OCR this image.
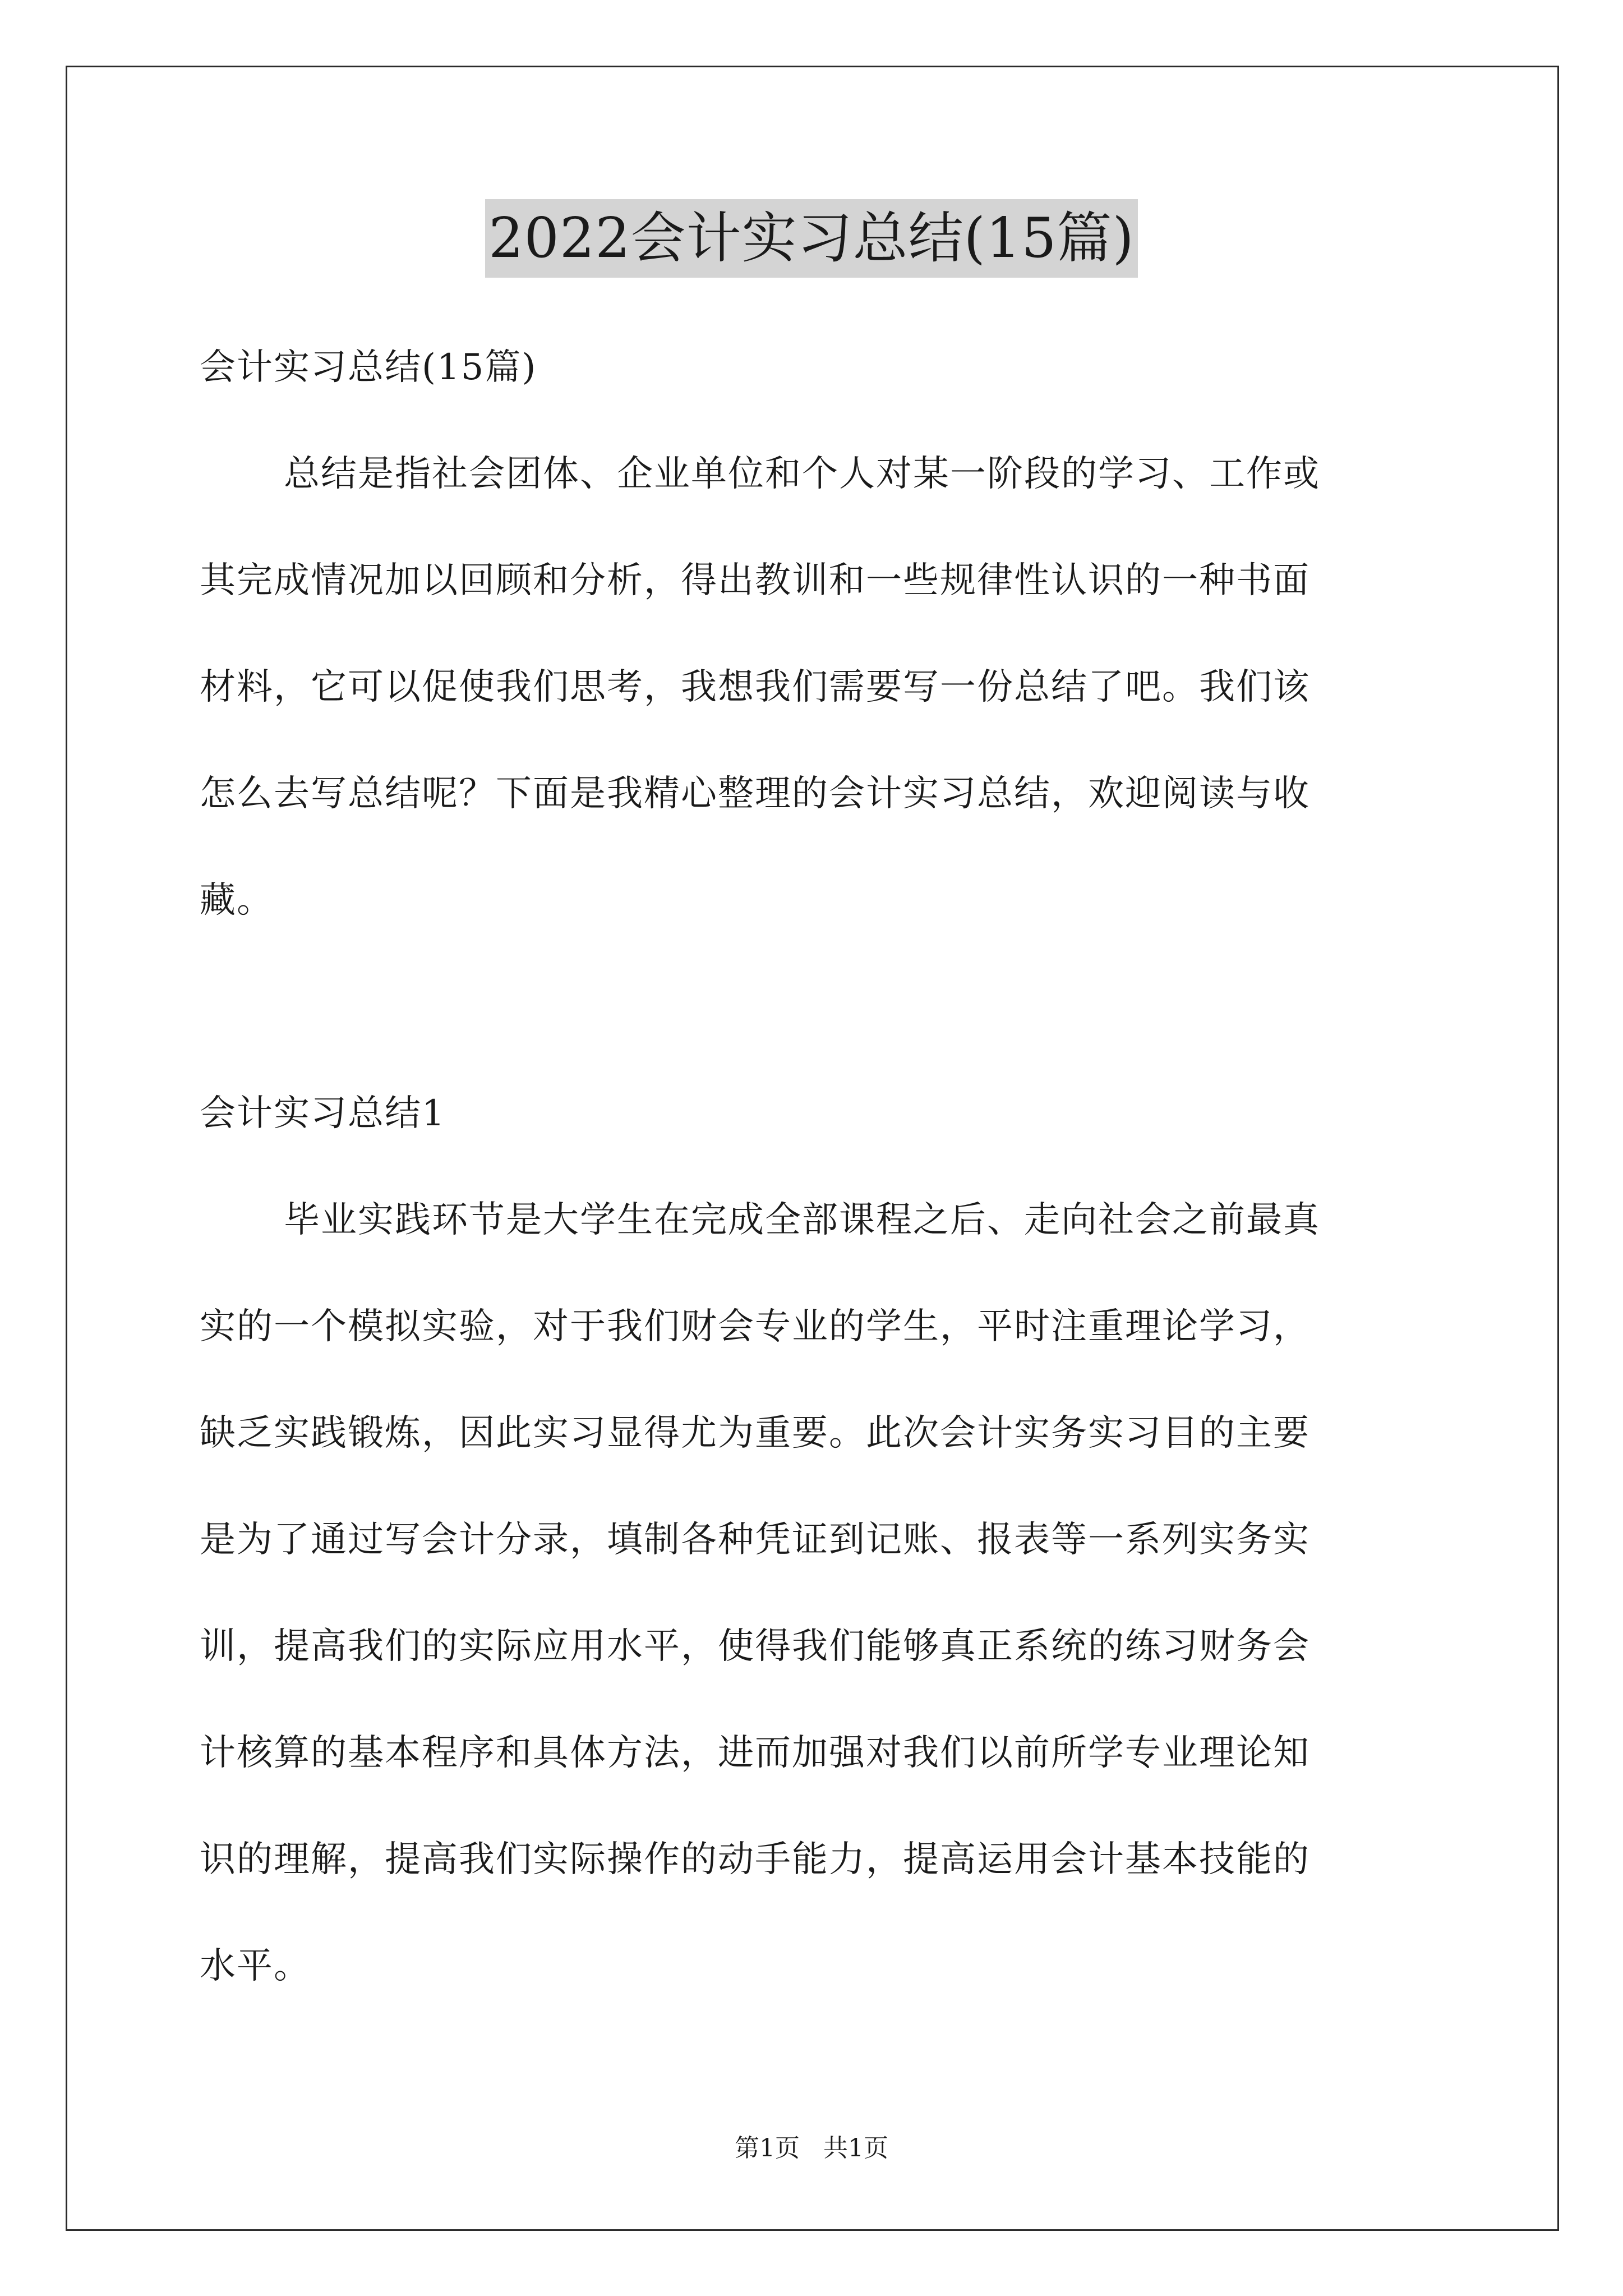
2022会计实习总结(15篇)
会计实习总结(15篇)
总结是指社会团体、企业单位和个人对某一阶段的学习、工作或
其完成情况加以回顾和分析，得出教训和一些规律性认识的一种书面
材料，它可以促使我们思考，我想我们需要写一份总结了吧。我们该
怎么去写总结呢？下面是我精心整理的会计实习总结，欢迎阅读与收
藏。
会计实习总结1
毕业实践环节是大学生在完成全部课程之后、走向社会之前最真
实的一个模拟实验，对于我们财会专业的学生，平时注重理论学习，
缺乏实践锻炼，因此实习显得尤为重要。此次会计实务实习目的主要
是为了通过写会计分录，填制各种凭证到记账、报表等一系列实务实
训，提高我们的实际应用水平，使得我们能够真正系统的练习财务会
计核算的基本程序和具体方法，进而加强对我们以前所学专业理论知
识的理解，提高我们实际操作的动手能力，提高运用会计基本技能的
水平。
第1页   共1页
